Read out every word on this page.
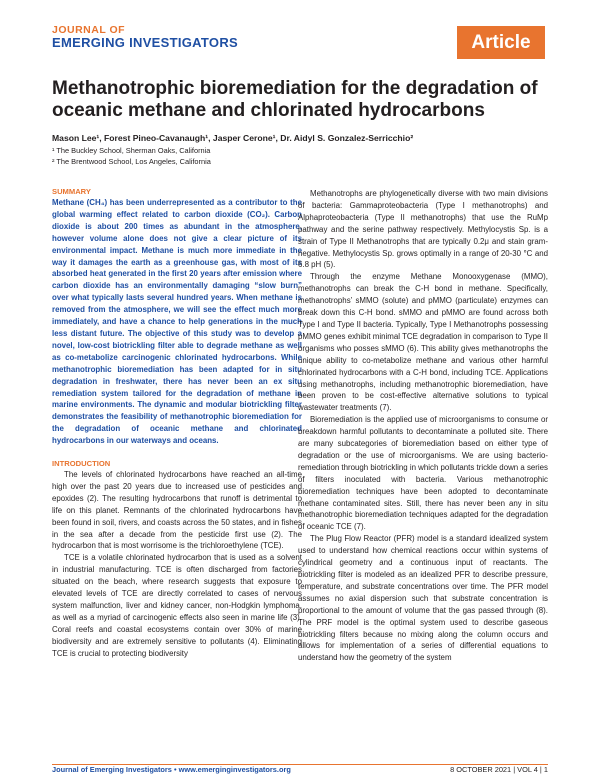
JOURNAL OF
EMERGING INVESTIGATORS	Article
Methanotrophic bioremediation for the degradation of oceanic methane and chlorinated hydrocarbons
Mason Lee¹, Forest Pineo-Cavanaugh¹, Jasper Cerone¹, Dr. Aidyl S. Gonzalez-Serricchio²
¹ The Buckley School, Sherman Oaks, California
² The Brentwood School, Los Angeles, California
SUMMARY
Methane (CH₄) has been underrepresented as a contributor to the global warming effect related to carbon dioxide (CO₂). Carbon dioxide is about 200 times as abundant in the atmosphere, however volume alone does not give a clear picture of its environmental impact. Methane is much more immediate in the way it damages the earth as a greenhouse gas, with most of its absorbed heat generated in the first 20 years after emission where carbon dioxide has an environmentally damaging “slow burn” over what typically lasts several hundred years. When methane is removed from the atmosphere, we will see the effect much more immediately, and have a chance to help generations in the much less distant future. The objective of this study was to develop a novel, low-cost biotrickling filter able to degrade methane as well as co-metabolize carcinogenic chlorinated hydrocarbons. While methanotrophic bioremediation has been adapted for in situ degradation in freshwater, there has never been an ex situ remediation system tailored for the degradation of methane in marine environments. The dynamic and modular biotrickling filter demonstrates the feasibility of methanotrophic bioremediation for the degradation of oceanic methane and chlorinated hydrocarbons in our waterways and oceans.
INTRODUCTION

The levels of chlorinated hydrocarbons have reached an all-time high over the past 20 years due to increased use of pesticides and epoxides (2). The resulting hydrocarbons that runoff is detrimental to life on this planet. Remnants of the chlorinated hydrocarbons have been found in soil, rivers, and coasts across the 50 states, and in fishes in the sea after a decade from the pesticide first use (2). The hydrocarbon that is most worrisome is the trichloroethylene (TCE).

TCE is a volatile chlorinated hydrocarbon that is used as a solvent in industrial manufacturing. TCE is often discharged from factories situated on the beach, where research suggests that exposure to elevated levels of TCE are directly correlated to cases of nervous system malfunction, liver and kidney cancer, non-Hodgkin lymphoma, as well as a myriad of carcinogenic effects also seen in marine life (3). Coral reefs and coastal ecosystems contain over 30% of marine biodiversity and are extremely sensitive to pollutants (4). Eliminating TCE is crucial to protecting biodiversity

Methanotrophs are phylogenetically diverse with two main divisions of bacteria: Gammaproteobacteria (Type I methanotrophs) and Alphaproteobacteria (Type II methanotrophs) that use the RuMp pathway and the serine pathway respectively. Methylocystis Sp. is a strain of Type II Methanotrophs that are typically 0.2μ and stain gram-negative. Methylocystis Sp. grows optimally in a range of 20-30 °C and 6.8 pH (5).

Through the enzyme Methane Monooxygenase (MMO), methanotrophs can break the C-H bond in methane. Specifically, methanotrophs’ sMMO (solute) and pMMO (particulate) enzymes can break down this C-H bond. sMMO and pMMO are found across both Type I and Type II bacteria. Typically, Type I Methanotrophs possessing pMMO genes exhibit minimal TCE degradation in comparison to Type II organisms who posses sMMO (6). This ability gives methanotrophs the unique ability to co-metabolize methane and various other harmful chlorinated hydrocarbons with a C-H bond, including TCE. Applications using methanotrophs, including methanotrophic bioremediation, have been proven to be cost-effective alternative solutions to typical wastewater treatments (7).

Bioremediation is the applied use of microorganisms to consume or breakdown harmful pollutants to decontaminate a polluted site. There are many subcategories of bioremediation based on either type of degradation or the use of microorganisms. We are using bacterio-remediation through biotrickling in which pollutants trickle down a series of filters inoculated with bacteria. Various methanotrophic bioremediation techniques have been adopted to decontaminate methane contaminated sites. Still, there has never been any in situ methanotrophic bioremediation techniques adapted for the degradation of oceanic TCE (7).

The Plug Flow Reactor (PFR) model is a standard idealized system used to understand how chemical reactions occur within systems of cylindrical geometry and a continuous input of reactants. The biotrickling filter is modeled as an idealized PFR to describe pressure, temperature, and substrate concentrations over time. The PFR model assumes no axial dispersion such that substrate concentration is proportional to the amount of volume that the gas passed through (8). The PRF model is the optimal system used to describe gaseous biotrickling filters because no mixing along the column occurs and allows for implementation of a series of differential equations to understand how the geometry of the system

Journal of Emerging Investigators • www.emerginginvestigators.org	8 OCTOBER 2021 | VOL 4 | 1
